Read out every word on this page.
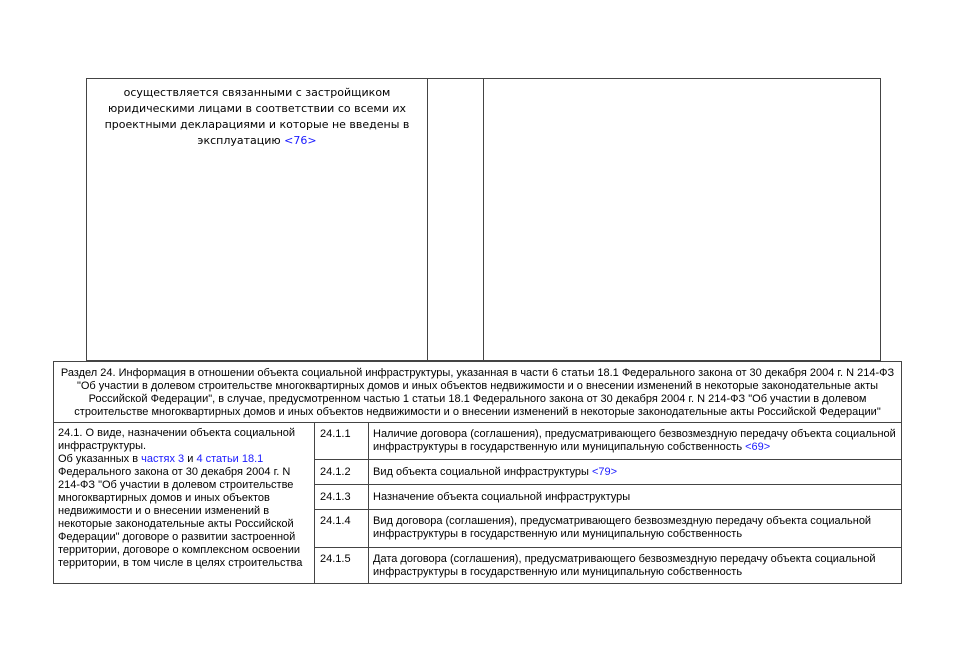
осуществляется связанными с застройщиком юридическими лицами в соответствии со всеми их проектными декларациями и которые не введены в эксплуатацию <76>

Раздел 24. Информация в отношении объекта социальной инфраструктуры, указанная в части 6 статьи 18.1 Федерального закона от 30 декабря 2004 г. N 214-ФЗ "Об участии в долевом строительстве многоквартирных домов и иных объектов недвижимости и о внесении изменений в некоторые законодательные акты Российской Федерации", в случае, предусмотренном частью 1 статьи 18.1 Федерального закона от 30 декабря 2004 г. N 214-ФЗ "Об участии в долевом строительстве многоквартирных домов и иных объектов недвижимости и о внесении изменений в некоторые законодательные акты Российской Федерации"		

24.1. О виде, назначении объекта социальной инфраструктуры.
Об указанных в частях 3 и 4 статьи 18.1 Федерального закона от 30 декабря 2004 г. N 214-ФЗ "Об участии в долевом строительстве многоквартирных домов и иных объектов недвижимости и о внесении изменений в некоторые законодательные акты Российской Федерации" договоре о развитии застроенной территории, договоре о комплексном освоении территории, в том числе в целях строительства	24.1.1	Наличие договора (соглашения), предусматривающего безвозмездную передачу объекта социальной инфраструктуры в государственную или муниципальную собственность <69>
	24.1.2	Вид объекта социальной инфраструктуры <79>
	24.1.3	Назначение объекта социальной инфраструктуры
	24.1.4	Вид договора (соглашения), предусматривающего безвозмездную передачу объекта социальной инфраструктуры в государственную или муниципальную собственность
	24.1.5	Дата договора (соглашения), предусматривающего безвозмездную передачу объекта социальной инфраструктуры в государственную или муниципальную собственность
